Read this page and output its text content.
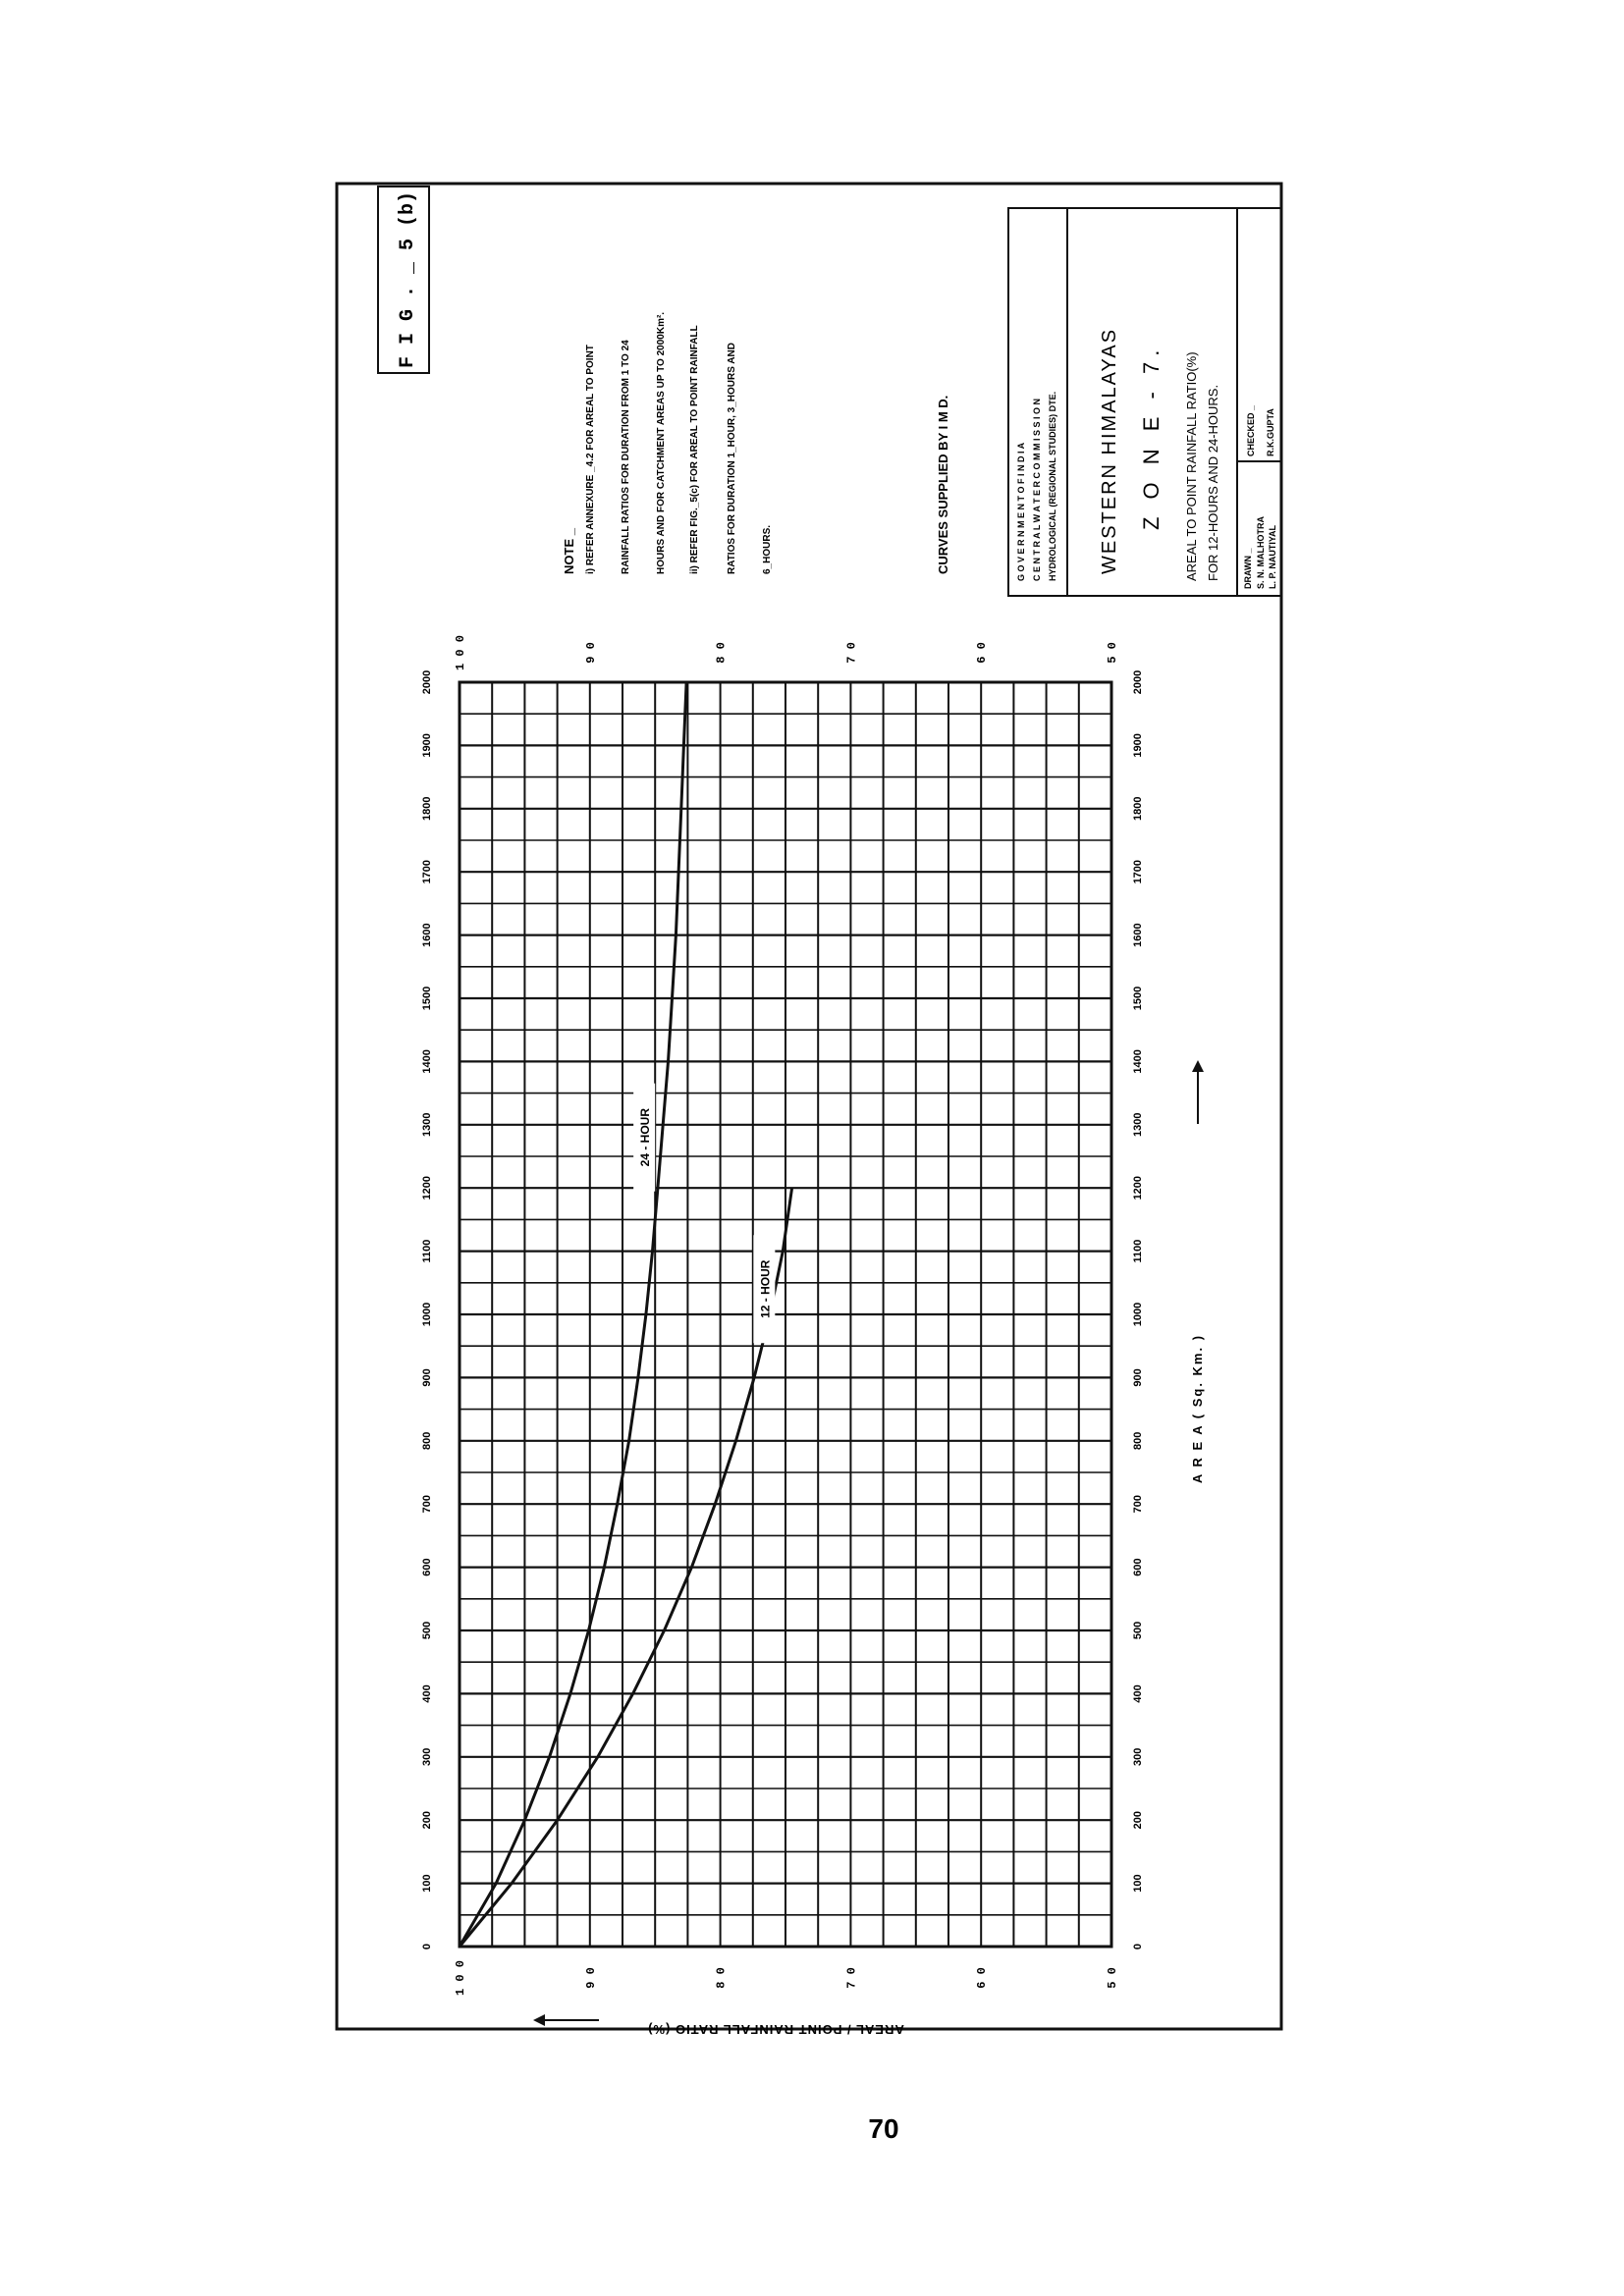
F I G . _ 5 (b)
0	0
100	100
200	200
300	300
400	400
500	500
600	600
700	700
800	800
900	900
1000	1000
1100	1100
1200	1200
1300	1300
1400	1400
1500	1500
1600	1600
1700	1700
1800	1800
1900	1900
2000	2000
5 0
5 0
6 0
6 0
7 0
7 0
8 0
8 0
9 0
9 0
1 0 0
1 0 0
A R E A ( Sq. Km. )
AREAL / POINT RAINFALL RATIO (%)
24 - HOUR
12 - HOUR
NOTE _ i) REFER ANNEXURE _4.2 FOR AREAL TO POINT	RAINFALL RATIOS FOR DURATION FROM 1 TO 24	HOURS AND FOR CATCHMENT AREAS UP TO 2000Km². ii) REFER FIG._5(c) FOR AREAL TO POINT RAINFALL	RATIOS FOR DURATION 1_HOUR, 3_HOURS AND	6_HOURS.	CURVES SUPPLIED BY I M D.	G O V E R N M E N T O F I N D I A C E N T R A L W A T E R C O M M I S S I O N HYDROLOGICAL (REGIONAL STUDIES) DTE. WESTERN HIMALAYAS Z O N E - 7. AREAL TO POINT RAINFALL RATIO(%) FOR 12-HOURS AND 24-HOURS.	DRAWN _ S. N. MALHOTRA L. P. NAUTIYAL
CHECKED _ R.K.GUPTA
70
